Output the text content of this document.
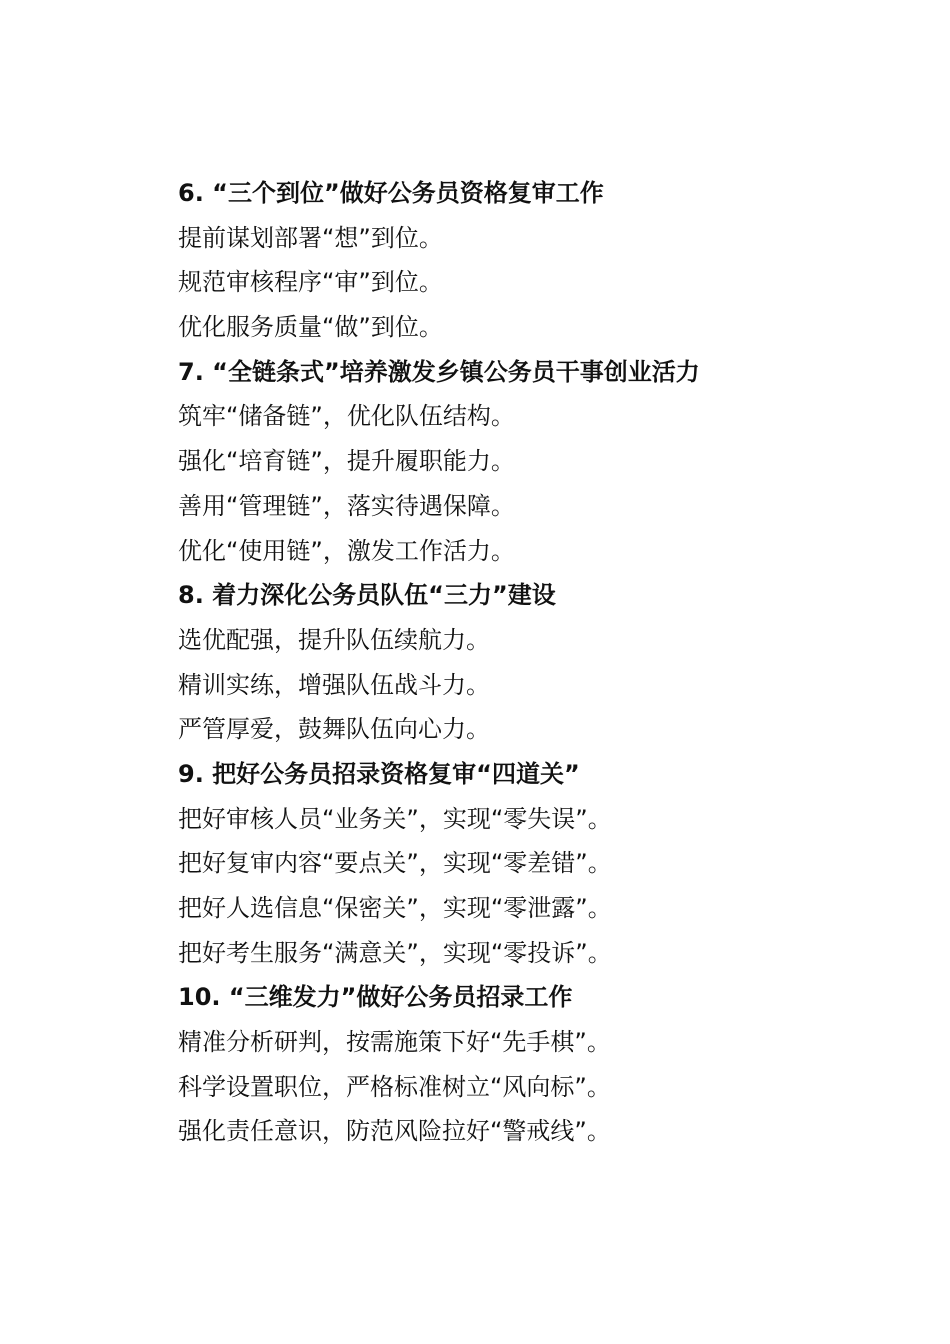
6. “三个到位”做好公务员资格复审工作

提前谋划部署“想”到位。

规范审核程序“审”到位。

优化服务质量“做”到位。

7. “全链条式”培养激发乡镇公务员干事创业活力

筑牢“储备链”，优化队伍结构。

强化“培育链”，提升履职能力。

善用“管理链”，落实待遇保障。

优化“使用链”，激发工作活力。

8. 着力深化公务员队伍“三力”建设

选优配强，提升队伍续航力。

精训实练，增强队伍战斗力。

严管厚爱，鼓舞队伍向心力。

9. 把好公务员招录资格复审“四道关”

把好审核人员“业务关”，实现“零失误”。

把好复审内容“要点关”，实现“零差错”。

把好人选信息“保密关”，实现“零泄露”。

把好考生服务“满意关”，实现“零投诉”。

10. “三维发力”做好公务员招录工作

精准分析研判，按需施策下好“先手棋”。

科学设置职位，严格标准树立“风向标”。

强化责任意识，防范风险拉好“警戒线”。
